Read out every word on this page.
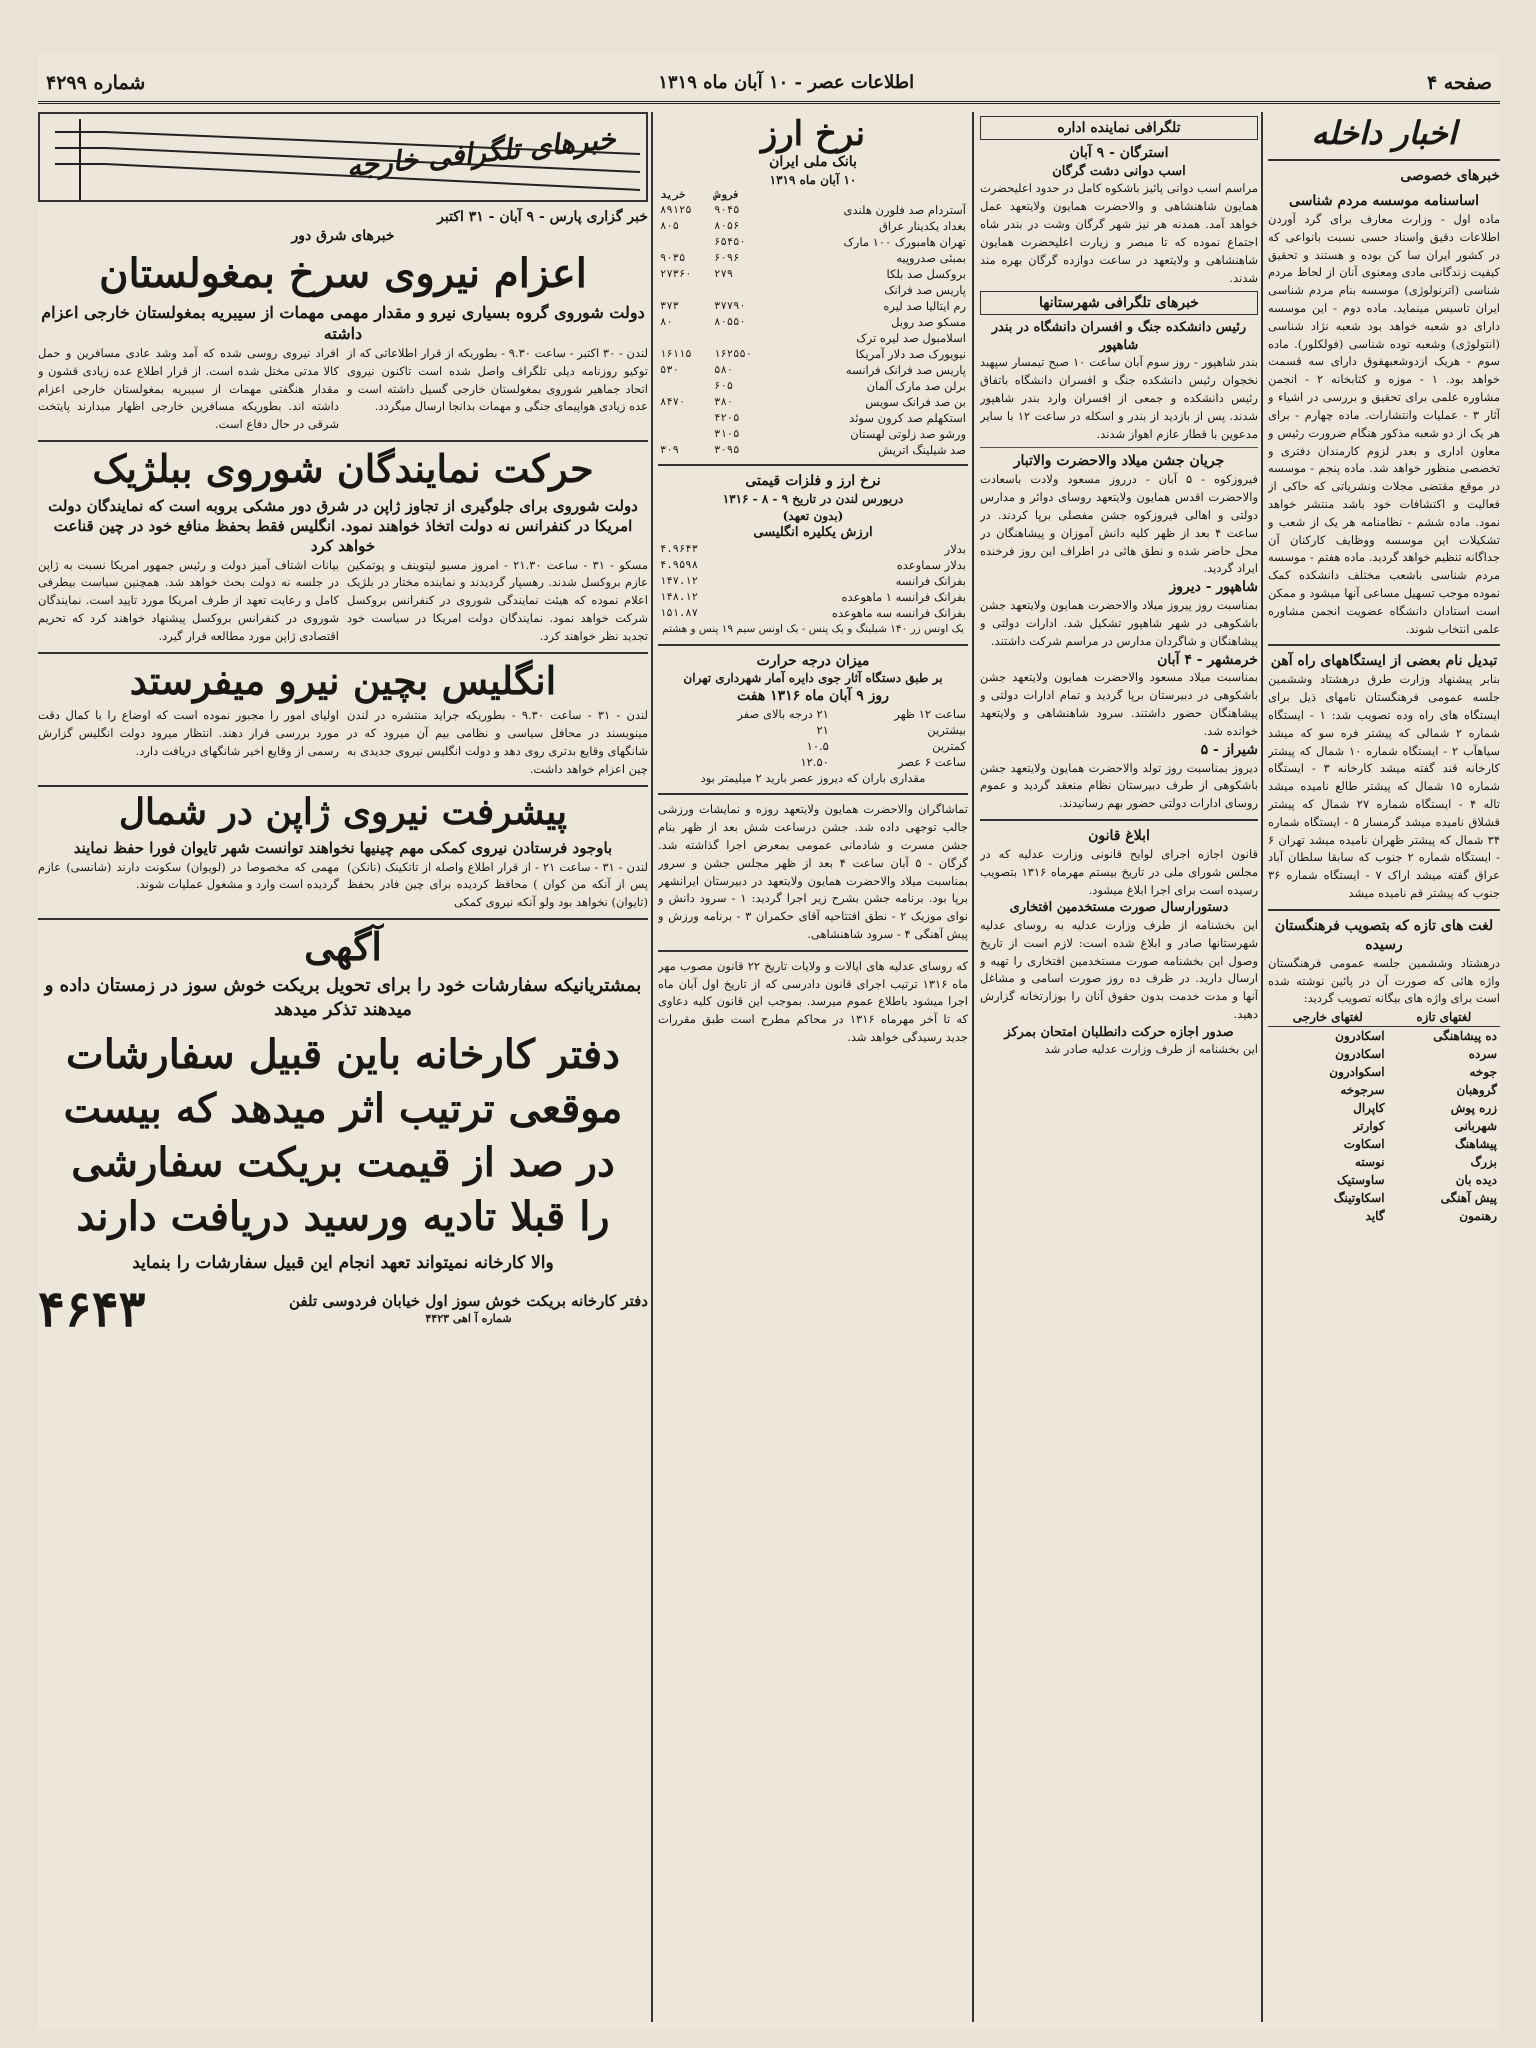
صفحه ۴
اطلاعات عصر - ۱۰ آبان ماه ۱۳۱۹
شماره ۴۲۹۹
اخبار داخله
خبرهای خصوصی
اساسنامه موسسه مردم شناسی
ماده اول - وزارت معارف برای گرد آوردن اطلاعات دقیق واسناد حسی نسبت بانواعی که در کشور ایران سا کن بوده و هستند و تحقیق کیفیت زندگانی مادی ومعنوی آنان از لحاظ مردم شناسی (اترنولوژی) موسسه بنام مردم شناسی ایران تاسیس مینماید. ماده دوم - این موسسه دارای دو شعبه خواهد بود شعبه نژاد شناسی (انتولوژی) وشعبه توده شناسی (فولکلور). ماده سوم - هریک ازدوشعبهفوق دارای سه قسمت خواهد بود. ۱ - موزه و کتابخانه ۲ - انجمن مشاوره علمی برای تحقیق و بررسی در اشیاء و آثار ۳ - عملیات وانتشارات. ماده چهارم - برای هر یک از دو شعبه مذکور هنگام ضرورت رئیس و معاون اداری و بعدر لزوم کارمندان دفتری و تخصصی منظور خواهد شد. ماده پنجم - موسسه در موقع مقتضی مجلات ونشریاتی که حاکی از فعالیت و اکتشافات خود باشد منتشر خواهد نمود. ماده ششم - نظامنامه هر یک از شعب و تشکیلات این موسسه ووظایف کارکنان آن جداگانه تنظیم خواهد گردید. ماده هفتم - موسسه مردم شناسی باشعب مختلف دانشکده کمک نموده موجب تسهیل مساعی آنها میشود و ممکن است استادان دانشگاه عضویت انجمن مشاوره علمی انتخاب شوند.
تبدیل نام بعضی از ایستگاههای راه آهن
بنابر پیشنهاد وزارت طرق درهشتاد وششمین جلسه عمومی فرهنگستان نامهای ذیل برای ایستگاه های راه وده تصویب شد: ۱ - ایستگاه شماره ۲ شمالی که پیشتر فره سو که میشد سیاهآب ۲ - ایستگاه شماره ۱۰ شمال که پیشتر کارخانه قند گفته میشد کارخانه ۳ - ایستگاه شماره ۱۵ شمال که پیشتر طالع نامیده میشد تاله ۴ - ایستگاه شماره ۲۷ شمال که پیشتر قشلاق نامیده میشد گرمسار ۵ - ایستگاه شماره ۳۴ شمال که پیشتر ظهران نامیده میشد تهران ۶ - ایستگاه شماره ۲ جنوب که سابقا سلطان آباد عراق گفته میشد اراک ۷ - ایستگاه شماره ۳۶ جنوب که پیشتر قم نامیده میشد
لغت های تازه که بتصویب فرهنگستان رسیده
درهشتاد وششمین جلسه عمومی فرهنگستان واژه هائی که صورت آن در پائین نوشته شده است برای واژه های بیگانه تصویب گردید:
لغتهای تازه	لغتهای خارجی
ده پیشاهنگی	اسکادرون
سرده	اسکادرون
جوخه	اسکوادرون
گروهبان	سرجوخه
زره پوش	کاپرال
شهربانی	کوارتر
پیشاهنگ	اسکاوت
بزرگ	نوسته
دیده بان	ساوستیک
پیش آهنگی	اسکاوتینگ
رهنمون	گاید
تلگرافی نماینده اداره
استرگان - ۹ آبان
اسب دوانی دشت گرگان
مراسم اسب دوانی پائیز باشکوه کامل در حدود اعلیحضرت همایون شاهنشاهی و والاحضرت همایون ولایتعهد عمل خواهد آمد. همدنه هر نیز شهر گرگان وشت در بندر شاه اجتماع نموده که تا مبصر و زیارت اعلیحضرت همایون شاهنشاهی و ولایتعهد در ساعت دوازده گرگان بهره مند شدند.
خبرهای تلگرافی شهرستانها
رئیس دانشکده جنگ و افسران دانشگاه در بندر شاهپور
بندر شاهپور - روز سوم آبان ساعت ۱۰ صبح تیمسار سپهبد نخجوان رئیس دانشکده جنگ و افسران دانشگاه باتفاق رئیس دانشکده و جمعی از افسران وارد بندر شاهپور شدند. پس از بازدید از بندر و اسکله در ساعت ۱۲ با سایر مدعوین با قطار عازم اهواز شدند.
جریان جشن میلاد والاحضرت والاتبار
فیروزکوه - ۵ آبان - درروز مسعود ولادت باسعادت والاحضرت اقدس همایون ولایتعهد روسای دوائر و مدارس دولتی و اهالی فیروزکوه جشن مفصلی برپا کردند. در ساعت ۴ بعد از ظهر کلیه دانش آموزان و پیشاهنگان در محل حاضر شده و نطق هائی در اطراف این روز فرخنده ایراد گردید.
شاهپور - دیروز
بمناسبت روز پیروز میلاد والاحضرت همایون ولایتعهد جشن باشکوهی در شهر شاهپور تشکیل شد. ادارات دولتی و پیشاهنگان و شاگردان مدارس در مراسم شرکت داشتند.
خرمشهر - ۴ آبان
بمناسبت میلاد مسعود والاحضرت همایون ولایتعهد جشن باشکوهی در دبیرستان برپا گردید و تمام ادارات دولتی و پیشاهنگان حضور داشتند. سرود شاهنشاهی و ولایتعهد خوانده شد.
شیراز - ۵
دیروز بمناسبت روز تولد والاحضرت همایون ولایتعهد جشن باشکوهی از طرف دبیرستان نظام منعقد گردید و عموم روسای ادارات دولتی حضور بهم رسانیدند.
ابلاغ قانون
قانون اجازه اجرای لوایح قانونی وزارت عدلیه که در مجلس شورای ملی در تاریخ بیستم مهرماه ۱۳۱۶ بتصویب رسیده است برای اجرا ابلاغ میشود.
دستورارسال صورت مستخدمین افتخاری
این بخشنامه از طرف وزارت عدلیه به روسای عدلیه شهرستانها صادر و ابلاغ شده است: لازم است از تاریخ وصول این بخشنامه صورت مستخدمین افتخاری را تهیه و ارسال دارید. در ظرف ده روز صورت اسامی و مشاغل آنها و مدت خدمت بدون حقوق آنان را بوزارتخانه گزارش دهید.
صدور اجازه حرکت دانطلبان امتحان بمرکز
این بخشنامه از طرف وزارت عدلیه صادر شد
نرخ ارز
بانک ملی ایران
۱۰ آبان ماه ۱۳۱۹
	فروش	خرید
آستردام صد فلورن هلندی	۹۰۴۵	۸۹۱۲۵
بغداد یکدینار عراق	۸۰۵۶	۸۰۵
تهران هامبورک ۱۰۰ مارک	۶۵۴۵۰	
بمبئی صدروپیه	۶۰۹۶	۹۰۳۵
بروکسل صد بلکا	۲۷۹	۲۷۳۶۰
پاریس صد فرانک		
رم ایتالیا صد لیره	۳۷۷۹۰	۳۷۳
مسکو صد روبل	۸۰۵۵۰	۸۰
اسلامبول صد لیره ترک		
نیویورک صد دلار آمریکا	۱۶۲۵۵۰	۱۶۱۱۵
پاریس صد فرانک فرانسه	۵۸۰	۵۳۰
برلن صد مارک آلمان	۶۰۵	
بن صد فرانک سویس	۳۸۰	۸۴۷۰
استکهلم صد کرون سوئد	۴۲۰۵	
ورشو صد زلوتی لهستان	۳۱۰۵	
صد شیلینگ اتریش	۳۰۹۵	۳۰۹
نرخ ارز و فلزات قیمتی
دربورس لندن در تاریخ ۹ - ۸ - ۱۳۱۶
(بدون تعهد)
ارزش یکلیره انگلیسی
بدلار	۴.۹۶۴۳
بدلار سماوعده	۴.۹۵۹۸
بفرانک فرانسه	۱۴۷.۱۲
بفرانک فرانسه ۱ ماهوعده	۱۴۸.۱۲
بفرانک فرانسه سه ماهوعده	۱۵۱.۸۷
یک اونس زر ۱۴۰ شیلینگ و یک پنس - یک اونس سیم ۱۹ پنس و هشتم
میزان درجه حرارت
بر طبق دستگاه آثار جوی دایره آمار شهرداری تهران
روز ۹ آبان ماه ۱۳۱۶ هفت
ساعت ۱۲ ظهر	۲۱ درجه بالای صفر
بیشترین	۲۱
کمترین	۱۰.۵
ساعت ۶ عصر	۱۲.۵۰
مقداری باران که دیروز عصر بارید ۲ میلیمتر بود
تماشاگران والاحضرت همایون ولایتعهد روزه و نمایشات ورزشی جالب توجهی داده شد. جشن درساعت شش بعد از ظهر بنام جشن مسرت و شادمانی عمومی بمعرض اجرا گذاشته شد. گرگان - ۵ آبان ساعت ۴ بعد از ظهر مجلس جشن و سرور بمناسبت میلاد والاحضرت همایون ولایتعهد در دبیرستان ایرانشهر برپا بود. برنامه جشن بشرح زیر اجرا گردید: ۱ - سرود دانش و نوای موزیک ۲ - نطق افتتاحیه آقای حکمران ۳ - برنامه ورزش و پیش آهنگی ۴ - سرود شاهنشاهی.
که روسای عدلیه های ایالات و ولایات تاریخ ۲۲ قانون مصوب مهر ماه ۱۳۱۶ ترتیب اجرای قانون دادرسی که از تاریخ اول آبان ماه اجرا میشود باطلاع عموم میرسد. بموجب این قانون کلیه دعاوی که تا آخر مهرماه ۱۳۱۶ در محاکم مطرح است طبق مقررات جدید رسیدگی خواهد شد.
خبرهای تلگرافی خارجه
خبر گزاری پارس - ۹ آبان - ۳۱ اکتبر
خبرهای شرق دور
اعزام نیروی سرخ بمغولستان
دولت شوروی گروه بسیاری نیرو و مقدار مهمی مهمات از سیبریه بمغولستان خارجی اعزام داشته
لندن - ۳۰ اکتبر - ساعت ۹.۳۰ - بطوریکه از قرار اطلاعاتی که از توکیو روزنامه دیلی تلگراف واصل شده است تاکنون نیروی اتحاد جماهیر شوروی بمغولستان خارجی گسیل داشته است و عده زیادی هواپیمای جنگی و مهمات بدانجا ارسال میگردد.
افراد نیروی روسی شده که آمد وشد عادی مسافرین و حمل کالا مدتی مختل شده است. از قرار اطلاع عده زیادی قشون و مقدار هنگفتی مهمات از سیبریه بمغولستان خارجی اعزام داشته اند. بطوریکه مسافرین خارجی اظهار میدارند پایتخت شرقی در حال دفاع است.
حرکت نمایندگان شوروی ببلژیک
دولت شوروی برای جلوگیری از تجاوز ژاپن در شرق دور مشکی بروبه است که نمایندگان دولت امریکا در کنفرانس نه دولت اتخاذ خواهند نمود. انگلیس فقط بحفظ منافع خود در چین قناعت خواهد کرد
مسکو - ۳۱ - ساعت ۲۱.۳۰ - امروز مسیو لیتوینف و پوتمکین عازم بروکسل شدند. رهسپار گردیدند و نماینده مختار در بلژیک اعلام نموده که هیئت نمایندگی شوروی در کنفرانس بروکسل شرکت خواهد نمود. نمایندگان دولت امریکا در سیاست خود تجدید نظر خواهند کرد.
بیانات اشتاف آمیز دولت و رئیس جمهور امریکا نسبت به ژاپن در جلسه نه دولت بحث خواهد شد. همچنین سیاست بیطرفی کامل و رعایت تعهد از طرف امریکا مورد تایید است. نمایندگان شوروی در کنفرانس بروکسل پیشنهاد خواهند کرد که تحریم اقتصادی ژاپن مورد مطالعه قرار گیرد.
انگلیس بچین نیرو میفرستد
لندن - ۳۱ - ساعت ۹.۳۰ - بطوریکه جراید منتشره در لندن مینویسند در محافل سیاسی و نظامی بیم آن میرود که در شانگهای وقایع بدتری روی دهد و دولت انگلیس نیروی جدیدی به چین اعزام خواهد داشت.
اولیای امور را مجبور نموده است که اوضاع را با کمال دقت مورد بررسی قرار دهند. انتظار میرود دولت انگلیس گزارش رسمی از وقایع اخیر شانگهای دریافت دارد.
پیشرفت نیروی ژاپن در شمال
باوجود فرستادن نیروی کمکی مهم چینیها نخواهند توانست شهر تایوان فورا حفظ نمایند
لندن - ۳۱ - ساعت ۲۱ - از قرار اطلاع واصله از تاتکینک (نانکن) پس از آنکه من کوان ) محافظ کردیده برای چین فادر بحفظ (تایوان) نخواهد بود ولو آنکه نیروی کمکی
مهمی که مخصوصا در (لویوان) سکونت دارند (شانسی) عازم گردیده است وارد و مشغول عملیات شوند.
آگهی
بمشتریانیکه سفارشات خود را برای تحویل بریکت خوش سوز در زمستان داده و میدهند تذکر میدهد
دفتر کارخانه باین قبیل سفارشات
موقعی ترتیب اثر میدهد که بیست
در صد از قیمت بریکت سفارشی
را قبلا تادیه ورسید دریافت دارند
والا کارخانه نمیتواند تعهد انجام این قبیل سفارشات را بنماید
دفتر کارخانه بریکت خوش سوز اول خیابان فردوسی تلفن
شماره آ اهی ۴۴۲۳
۴۶۴۳
